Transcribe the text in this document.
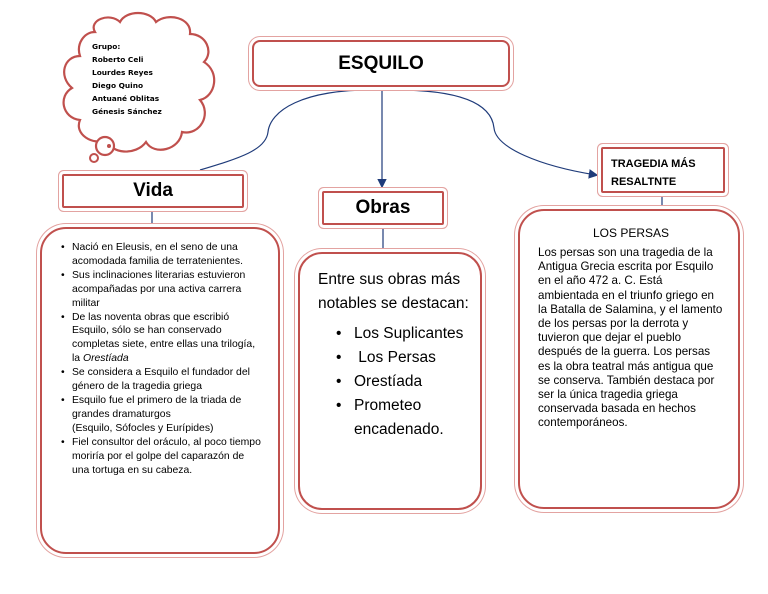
Grupo:
Roberto Celi
Lourdes Reyes
Diego Quino
Antuané Oblitas
Génesis Sánchez
ESQUILO
Vida
• Nació en Eleusis, en el seno de una acomodada familia de terratenientes.
• Sus inclinaciones literarias estuvieron acompañadas por una activa carrera militar
• De las noventa obras que escribió Esquilo, sólo se han conservado completas siete, entre ellas una trilogía, la Orestíada
• Se considera a Esquilo el fundador del género de la tragedia griega
• Esquilo fue el primero de la triada de grandes dramaturgos
(Esquilo, Sófocles y Eurípides)
• Fiel consultor del oráculo, al poco tiempo moriría por el golpe del caparazón de una tortuga en su cabeza.
Obras

Entre sus obras más notables se destacan:

• Los Suplicantes
•  Los Persas
• Orestíada
• Prometeo encadenado.
TRAGEDIA MÁS
RESALTNTE
LOS PERSAS

Los persas son una tragedia de la Antigua Grecia escrita por Esquilo en el año 472 a. C. Está ambientada en el triunfo griego en la Batalla de Salamina, y el lamento de los persas por la derrota y tuvieron que dejar el pueblo después de la guerra. Los persas es la obra teatral más antigua que se conserva. También destaca por ser la única tragedia griega conservada basada en hechos contemporáneos.
